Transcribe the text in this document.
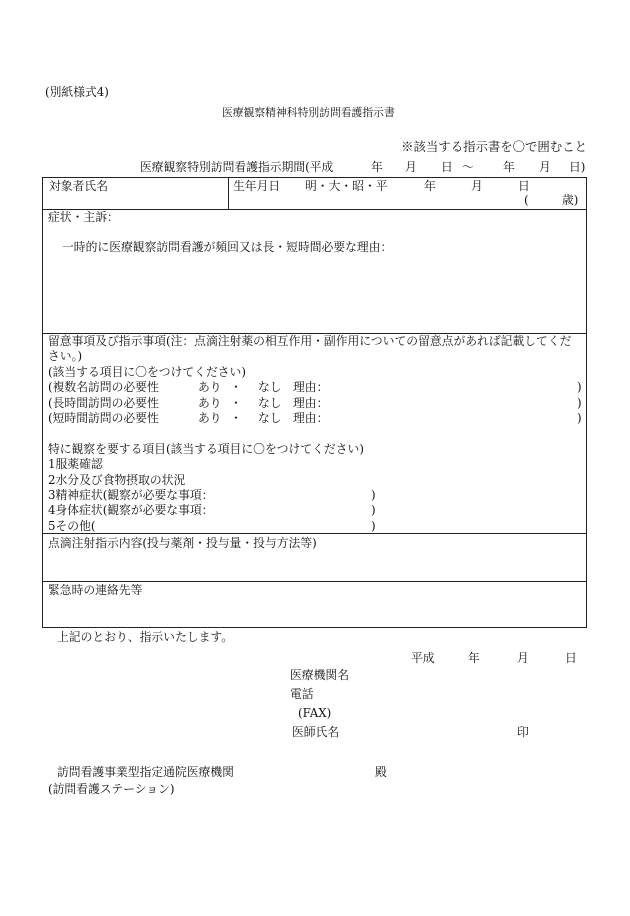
(別紙様式4)
医療観察精神科特別訪問看護指示書
※該当する指示書を〇で囲むこと
医療観察特別訪問看護指示期間(平成	年 月 日 ～ 年 月 日)
対象者氏名	生年月日 明・大・昭・平	年	月	日
(	歳)
症状・主訴：
一時的に医療観察訪問看護が頻回又は長・短時間必要な理由：
留意事項及び指示事項(注：点滴注射薬の相互作用・副作用についての留意点があれば記載してくだ
さい。)
(該当する項目に〇をつけてください)
(複数名訪問の必要性	あり ・ なし 理由：	)
(長時間訪問の必要性	あり ・ なし 理由：	)
(短時間訪問の必要性	あり ・ なし 理由：	)
特に観察を要する項目(該当する項目に〇をつけてください)
1服薬確認
2水分及び食物摂取の状況
3精神症状(観察が必要な事項：	)
4身体症状(観察が必要な事項：	)
5その他(	)
点滴注射指示内容(投与薬剤・投与量・投与方法等)
緊急時の連絡先等
上記のとおり、指示いたします。
平成	年	月	日
医療機関名
電話
(FAX)
医師氏名	印
訪問看護事業型指定通院医療機関	殿
(訪問看護ステーション)
